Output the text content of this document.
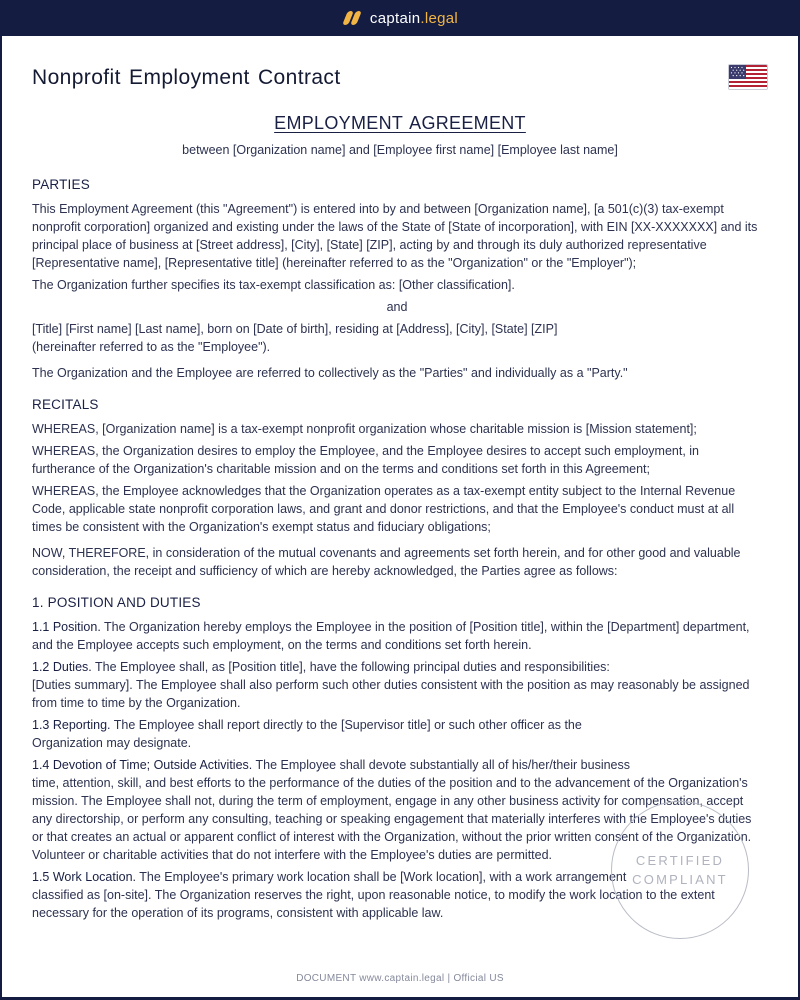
captain.legal
Nonprofit Employment Contract
EMPLOYMENT AGREEMENT
between [Organization name] and [Employee first name] [Employee last name]
PARTIES
This Employment Agreement (this "Agreement") is entered into by and between [Organization name], [a 501(c)(3) tax-exempt nonprofit corporation] organized and existing under the laws of the State of [State of incorporation], with EIN [XX-XXXXXXX] and its principal place of business at [Street address], [City], [State] [ZIP], acting by and through its duly authorized representative [Representative name], [Representative title] (hereinafter referred to as the "Organization" or the "Employer");
The Organization further specifies its tax-exempt classification as: [Other classification].
and
[Title] [First name] [Last name], born on [Date of birth], residing at [Address], [City], [State] [ZIP]
(hereinafter referred to as the "Employee").
The Organization and the Employee are referred to collectively as the "Parties" and individually as a "Party."
RECITALS
WHEREAS, [Organization name] is a tax-exempt nonprofit organization whose charitable mission is [Mission statement];
WHEREAS, the Organization desires to employ the Employee, and the Employee desires to accept such employment, in furtherance of the Organization's charitable mission and on the terms and conditions set forth in this Agreement;
WHEREAS, the Employee acknowledges that the Organization operates as a tax-exempt entity subject to the Internal Revenue Code, applicable state nonprofit corporation laws, and grant and donor restrictions, and that the Employee's conduct must at all times be consistent with the Organization's exempt status and fiduciary obligations;
NOW, THEREFORE, in consideration of the mutual covenants and agreements set forth herein, and for other good and valuable consideration, the receipt and sufficiency of which are hereby acknowledged, the Parties agree as follows:
1. POSITION AND DUTIES
1.1 Position. The Organization hereby employs the Employee in the position of [Position title], within the [Department] department, and the Employee accepts such employment, on the terms and conditions set forth herein.
1.2 Duties. The Employee shall, as [Position title], have the following principal duties and responsibilities:
[Duties summary]. The Employee shall also perform such other duties consistent with the position as may reasonably be assigned from time to time by the Organization.
1.3 Reporting. The Employee shall report directly to the [Supervisor title] or such other officer as the
Organization may designate.
1.4 Devotion of Time; Outside Activities. The Employee shall devote substantially all of his/her/their business
time, attention, skill, and best efforts to the performance of the duties of the position and to the advancement of the Organization's mission. The Employee shall not, during the term of employment, engage in any other business activity for compensation, accept any directorship, or perform any consulting, teaching or speaking engagement that materially interferes with the Employee's duties or that creates an actual or apparent conflict of interest with the Organization, without the prior written consent of the Organization. Volunteer or charitable activities that do not interfere with the Employee's duties are permitted.
1.5 Work Location. The Employee's primary work location shall be [Work location], with a work arrangement
classified as [on-site]. The Organization reserves the right, upon reasonable notice, to modify the work location to the extent necessary for the operation of its programs, consistent with applicable law.
CERTIFIED
COMPLIANT
DOCUMENT www.captain.legal | Official US
